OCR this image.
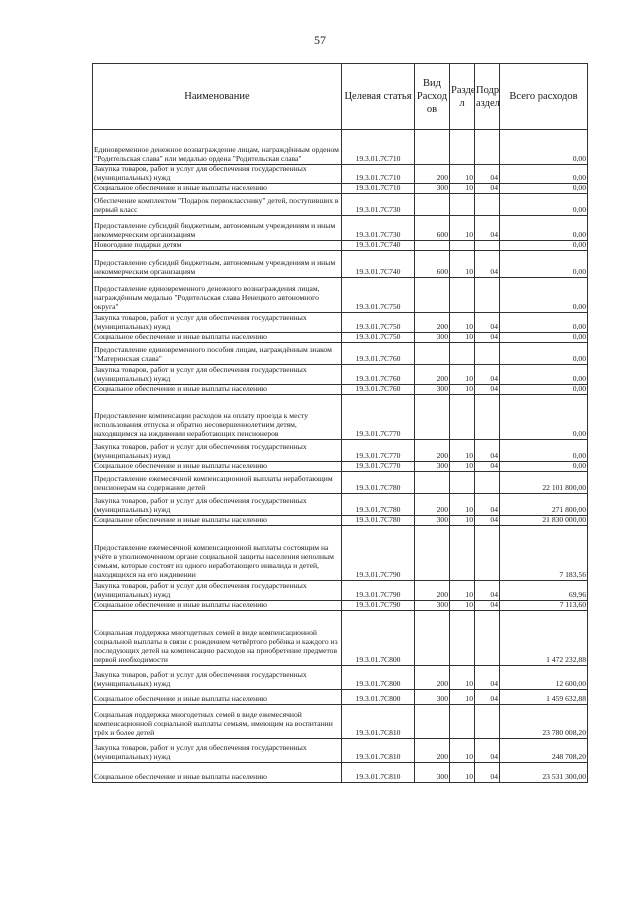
57
Наименование	Целевая статья	Вид Расход ов	Разде л	Подр аздел	Всего расходов
Единовременное денежное вознаграждение лицам, награждённым орденом "Родительская слава" или медалью ордена "Родительская слава"	19.3.01.7С710				0,00
Закупка товаров, работ и услуг для обеспечения государственных (муниципальных) нужд	19.3.01.7С710	200	10	04	0,00
Социальное обеспечение и иные выплаты населению	19.3.01.7С710	300	10	04	0,00
Обеспечение комплектом "Подарок первокласснику" детей, поступивших в первый класс	19.3.01.7С730				0,00
Предоставление субсидий бюджетным, автономным учреждениям и иным некоммерческим организациям	19.3.01.7С730	600	10	04	0,00
Новогодние подарки детям	19.3.01.7С740				0,00
Предоставление субсидий бюджетным, автономным учреждениям и иным некоммерческим организациям	19.3.01.7С740	600	10	04	0,00
Предоставление единовременного денежного вознаграждения лицам, награждённым медалью "Родительская слава Ненецкого автономного округа"	19.3.01.7С750				0,00
Закупка товаров, работ и услуг для обеспечения государственных (муниципальных) нужд	19.3.01.7С750	200	10	04	0,00
Социальное обеспечение и иные выплаты населению	19.3.01.7С750	300	10	04	0,00
Предоставление единовременного пособия лицам, награждённым знаком "Материнская слава"	19.3.01.7С760				0,00
Закупка товаров, работ и услуг для обеспечения государственных (муниципальных) нужд	19.3.01.7С760	200	10	04	0,00
Социальное обеспечение и иные выплаты населению	19.3.01.7С760	300	10	04	0,00
Предоставление компенсации расходов на оплату проезда к месту использования отпуска и обратно несовершеннолетним детям, находящимся на иждивении неработающих пенсионеров	19.3.01.7С770				0,00
Закупка товаров, работ и услуг для обеспечения государственных (муниципальных) нужд	19.3.01.7С770	200	10	04	0,00
Социальное обеспечение и иные выплаты населению	19.3.01.7С770	300	10	04	0,00
Предоставление ежемесячной компенсационной выплаты неработающим пенсионерам на содержание детей	19.3.01.7С780				22 101 800,00
Закупка товаров, работ и услуг для обеспечения государственных (муниципальных) нужд	19.3.01.7С780	200	10	04	271 800,00
Социальное обеспечение и иные выплаты населению	19.3.01.7С780	300	10	04	21 830 000,00
Предоставление ежемесячной компенсационной выплаты состоящим на учёте в уполномоченном органе социальной защиты населения неполным семьям, которые состоят из одного неработающего инвалида и детей, находящихся на его иждивении	19.3.01.7С790				7 183,56
Закупка товаров, работ и услуг для обеспечения государственных (муниципальных) нужд	19.3.01.7С790	200	10	04	69,96
Социальное обеспечение и иные выплаты населению	19.3.01.7С790	300	10	04	7 113,60
Социальная поддержка многодетных семей в виде компенсационной социальной выплаты в связи с рождением четвёртого ребёнка и каждого из последующих детей на компенсацию расходов на приобретение предметов первой необходимости	19.3.01.7С800				1 472 232,88
Закупка товаров, работ и услуг для обеспечения государственных (муниципальных) нужд	19.3.01.7С800	200	10	04	12 600,00
Социальное обеспечение и иные выплаты населению	19.3.01.7С800	300	10	04	1 459 632,88
Социальная поддержка многодетных семей в виде ежемесячной компенсационной социальной выплаты семьям, имеющим на воспитании трёх и более детей	19.3.01.7С810				23 780 008,20
Закупка товаров, работ и услуг для обеспечения государственных (муниципальных) нужд	19.3.01.7С810	200	10	04	248 708,20
Социальное обеспечение и иные выплаты населению	19.3.01.7С810	300	10	04	23 531 300,00
